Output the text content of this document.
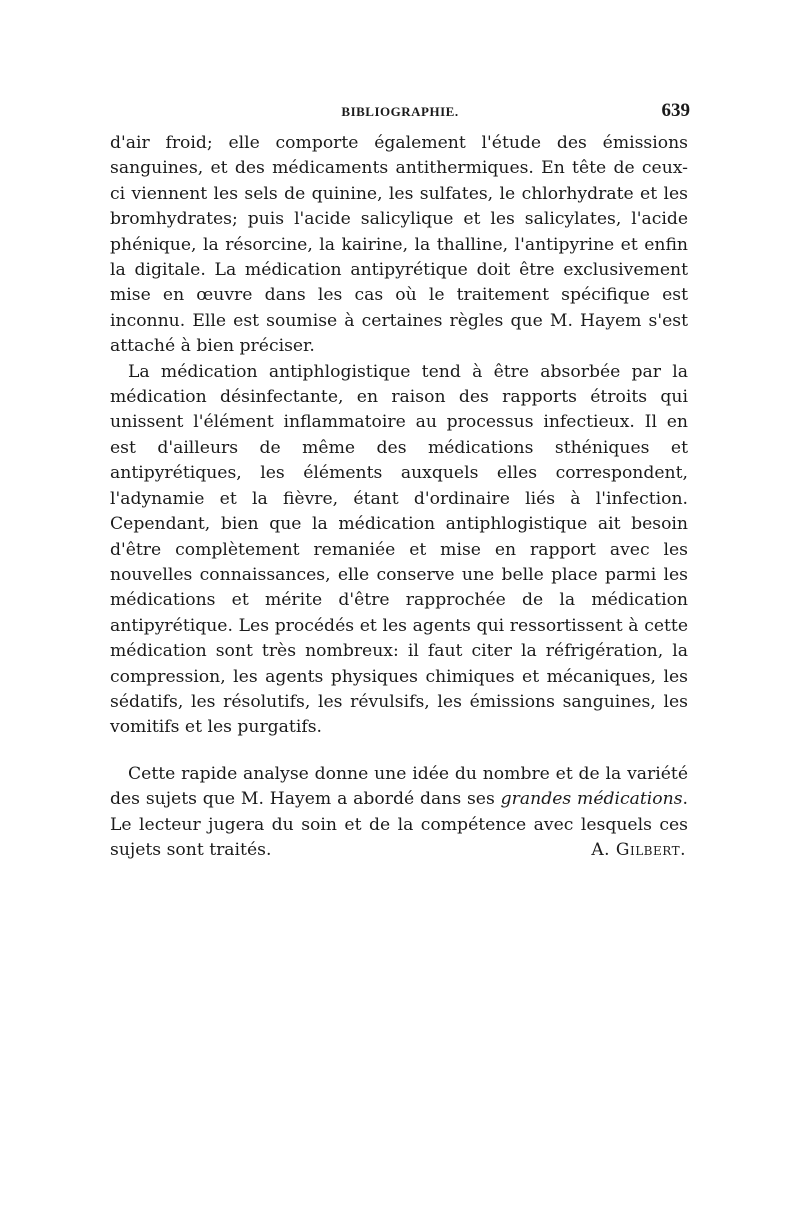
BIBLIOGRAPHIE.	639

d'air froid; elle comporte également l'étude des émissions sanguines, et des médicaments antithermiques. En tête de ceux-ci viennent les sels de quinine, les sulfates, le chlorhydrate et les bromhydrates; puis l'acide salicylique et les salicylates, l'acide phénique, la résorcine, la kairine, la thalline, l'antipyrine et enfin la digitale. La médication antipyrétique doit être exclusivement mise en œuvre dans les cas où le traitement spécifique est inconnu. Elle est soumise à certaines règles que M. Hayem s'est attaché à bien préciser.

La médication antiphlogistique tend à être absorbée par la médication désinfectante, en raison des rapports étroits qui unissent l'élément inflammatoire au processus infectieux. Il en est d'ailleurs de même des médications sthéniques et antipyrétiques, les éléments auxquels elles correspondent, l'adynamie et la fièvre, étant d'ordinaire liés à l'infection. Cependant, bien que la médication antiphlogistique ait besoin d'être complètement remaniée et mise en rapport avec les nouvelles connaissances, elle conserve une belle place parmi les médications et mérite d'être rapprochée de la médication antipyrétique. Les procédés et les agents qui ressortissent à cette médication sont très nombreux: il faut citer la réfrigération, la compression, les agents physiques chimiques et mécaniques, les sédatifs, les résolutifs, les révulsifs, les émissions sanguines, les vomitifs et les purgatifs.

Cette rapide analyse donne une idée du nombre et de la variété des sujets que M. Hayem a abordé dans ses grandes médications. Le lecteur jugera du soin et de la compétence avec lesquels ces sujets sont traités.	A. Gilbert.
